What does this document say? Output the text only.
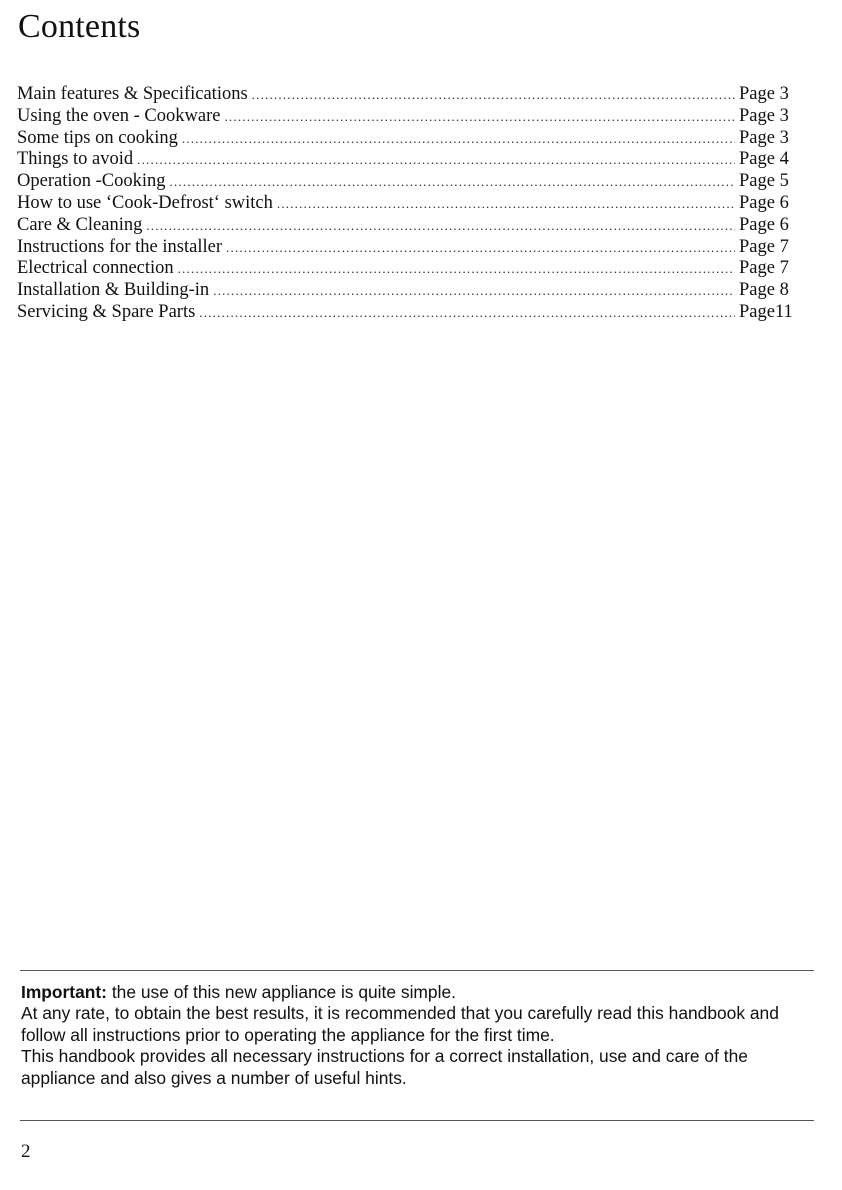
Contents
Main features & Specifications .....	Page 3
Using the oven - Cookware .....	Page 3
Some tips on cooking .....	Page 3
Things to avoid .....	Page 4
Operation -Cooking .....	Page 5
How to use ‘Cook-Defrost‘ switch .....	Page 6
Care & Cleaning .....	Page 6
Instructions for the installer .....	Page 7
Electrical connection .....	Page 7
Installation & Building-in .....	Page 8
Servicing & Spare Parts .....	Page11

Important: the use of this new appliance is quite simple.

At any rate, to obtain the best results, it is recommended that you carefully read this handbook and follow all instructions prior to operating the appliance for the first time.

This handbook provides all necessary instructions for a correct installation, use and care of the appliance and also gives a number of useful hints.

2
